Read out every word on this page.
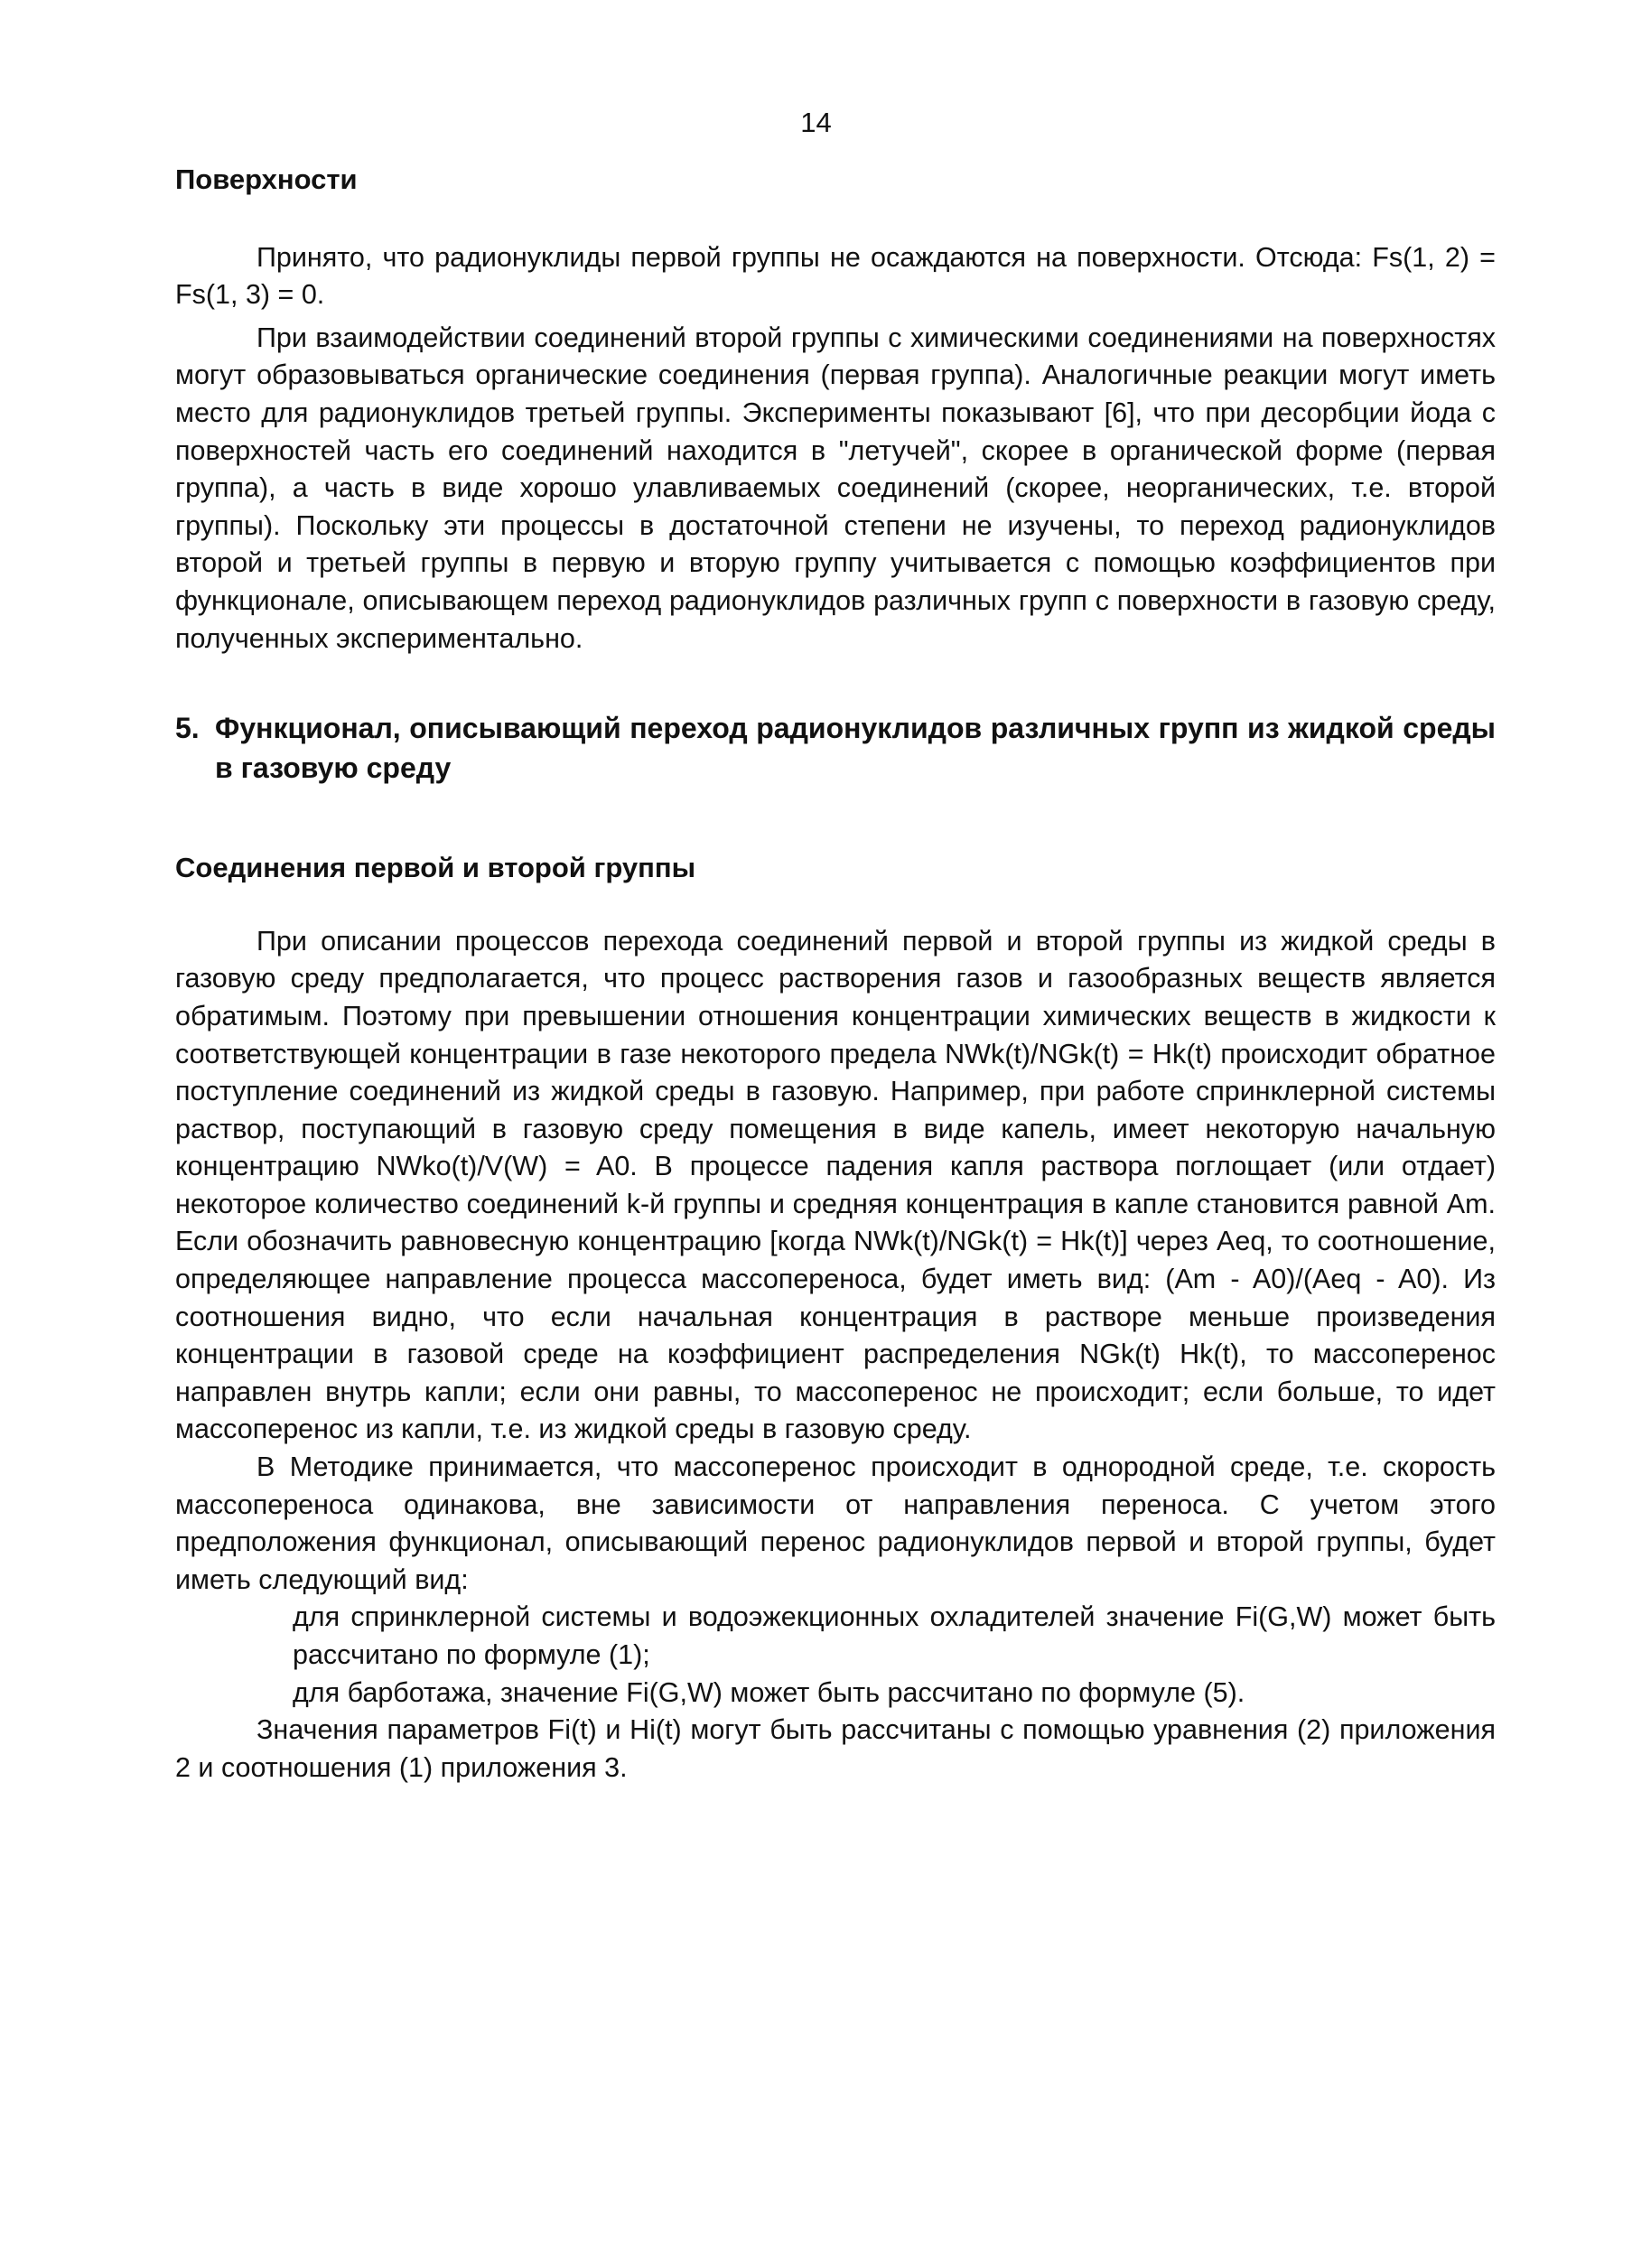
14
Поверхности

Принято, что радионуклиды первой группы не осаждаются на поверхности. Отсюда: Fs(1, 2) = Fs(1, 3) = 0.

При взаимодействии соединений второй группы с химическими соединениями на поверхностях могут образовываться органические соединения (первая группа). Аналогичные реакции могут иметь место для радионуклидов третьей группы. Эксперименты показывают [6], что при десорбции йода с поверхностей часть его соединений находится в "летучей", скорее в органической форме (первая группа), а часть в виде хорошо улавливаемых соединений (скорее, неорганических, т.е. второй группы). Поскольку эти процессы в достаточной степени не изучены, то переход радионуклидов второй и третьей группы в первую и вторую группу учитывается с помощью коэффициентов при функционале, описывающем переход радионуклидов различных групп с поверхности в газовую среду, полученных экспериментально.

5. Функционал, описывающий переход радионуклидов различных групп из жидкой среды в газовую среду
Соединения первой и второй группы

При описании процессов перехода соединений первой и второй группы из жидкой среды в газовую среду предполагается, что процесс растворения газов и газообразных веществ является обратимым. Поэтому при превышении отношения концентрации химических веществ в жидкости к соответствующей концентрации в газе некоторого предела NWk(t)/NGk(t) = Hk(t) происходит обратное поступление соединений из жидкой среды в газовую. Например, при работе спринклерной системы раствор, поступающий в газовую среду помещения в виде капель, имеет некоторую начальную концентрацию NWko(t)/V(W) = A0. В процессе падения капля раствора поглощает (или отдает) некоторое количество соединений k-й группы и средняя концентрация в капле становится равной Am. Если обозначить равновесную концентрацию [когда NWk(t)/NGk(t) = Hk(t)] через Aeq, то соотношение, определяющее направление процесса массопереноса, будет иметь вид: (Am - A0)/(Aeq - A0). Из соотношения видно, что если начальная концентрация в растворе меньше произведения концентрации в газовой среде на коэффициент распределения NGk(t) Hk(t), то массоперенос направлен внутрь капли; если они равны, то массоперенос не происходит; если больше, то идет массоперенос из капли, т.е. из жидкой среды в газовую среду.

В Методике принимается, что массоперенос происходит в однородной среде, т.е. скорость массопереноса одинакова, вне зависимости от направления переноса. С учетом этого предположения функционал, описывающий перенос радионуклидов первой и второй группы, будет иметь следующий вид:

для спринклерной системы и водоэжекционных охладителей значение Fi(G,W) может быть рассчитано по формуле (1);

для барботажа, значение Fi(G,W) может быть рассчитано по формуле (5).

Значения параметров Fi(t) и Hi(t) могут быть рассчитаны с помощью уравнения (2) приложения 2 и соотношения (1) приложения 3.
